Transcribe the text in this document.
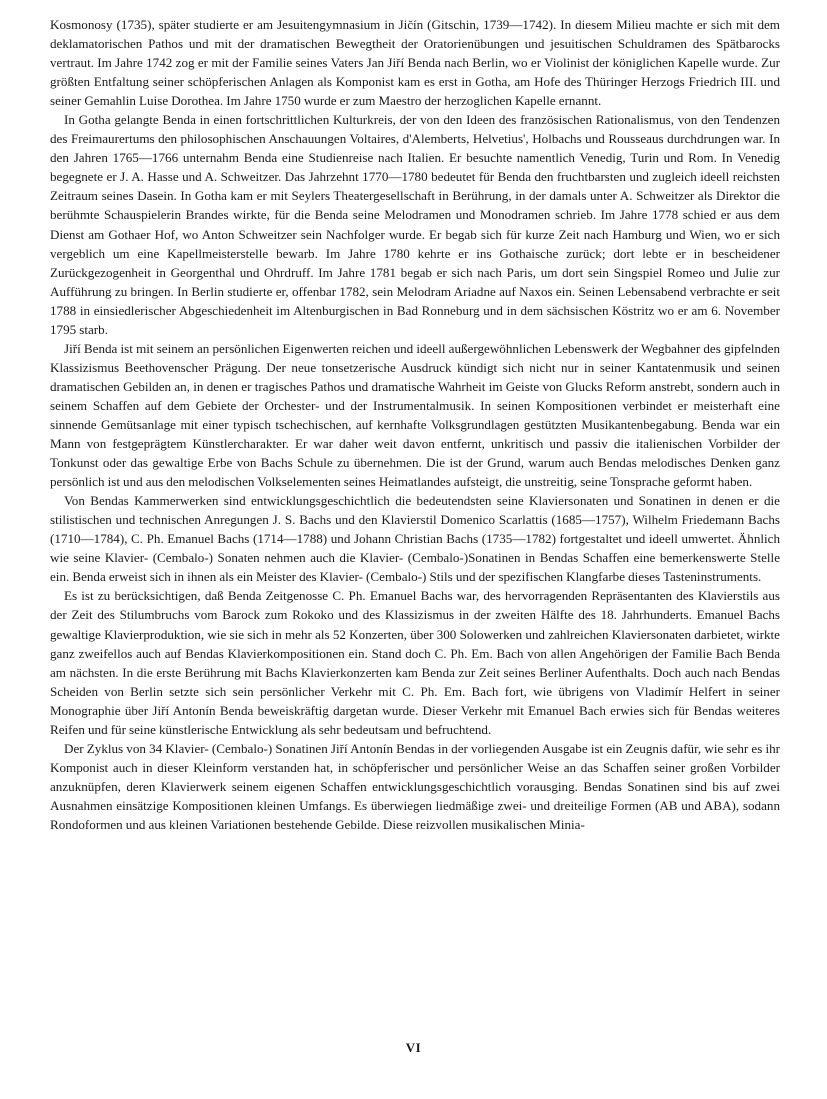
Kosmonosy (1735), später studierte er am Jesuitengymnasium in Jičín (Gitschin, 1739—1742). In diesem Milieu machte er sich mit dem deklamatorischen Pathos und mit der dramatischen Bewegtheit der Oratorienübungen und jesuitischen Schuldramen des Spätbarocks vertraut. Im Jahre 1742 zog er mit der Familie seines Vaters Jan Jiří Benda nach Berlin, wo er Violinist der königlichen Kapelle wurde. Zur größten Entfaltung seiner schöpferischen Anlagen als Komponist kam es erst in Gotha, am Hofe des Thüringer Herzogs Friedrich III. und seiner Gemahlin Luise Dorothea. Im Jahre 1750 wurde er zum Maestro der herzoglichen Kapelle ernannt.

In Gotha gelangte Benda in einen fortschrittlichen Kulturkreis, der von den Ideen des französischen Rationalismus, von den Tendenzen des Freimaurertums den philosophischen Anschauungen Voltaires, d'Alemberts, Helvetius', Holbachs und Rousseaus durchdrungen war. In den Jahren 1765—1766 unternahm Benda eine Studienreise nach Italien. Er besuchte namentlich Venedig, Turin und Rom. In Venedig begegnete er J. A. Hasse und A. Schweitzer. Das Jahrzehnt 1770—1780 bedeutet für Benda den fruchtbarsten und zugleich ideell reichsten Zeitraum seines Dasein. In Gotha kam er mit Seylers Theatergesellschaft in Berührung, in der damals unter A. Schweitzer als Direktor die berühmte Schauspielerin Brandes wirkte, für die Benda seine Melodramen und Monodramen schrieb. Im Jahre 1778 schied er aus dem Dienst am Gothaer Hof, wo Anton Schweitzer sein Nachfolger wurde. Er begab sich für kurze Zeit nach Hamburg und Wien, wo er sich vergeblich um eine Kapellmeisterstelle bewarb. Im Jahre 1780 kehrte er ins Gothaische zurück; dort lebte er in bescheidener Zurückgezogenheit in Georgenthal und Ohrdruff. Im Jahre 1781 begab er sich nach Paris, um dort sein Singspiel Romeo und Julie zur Aufführung zu bringen. In Berlin studierte er, offenbar 1782, sein Melodram Ariadne auf Naxos ein. Seinen Lebensabend verbrachte er seit 1788 in einsiedlerischer Abgeschiedenheit im Altenburgischen in Bad Ronneburg und in dem sächsischen Köstritz wo er am 6. November 1795 starb.

Jiří Benda ist mit seinem an persönlichen Eigenwerten reichen und ideell außergewöhnlichen Lebenswerk der Wegbahner des gipfelnden Klassizismus Beethovenscher Prägung. Der neue tonsetzerische Ausdruck kündigt sich nicht nur in seiner Kantatenmusik und seinen dramatischen Gebilden an, in denen er tragisches Pathos und dramatische Wahrheit im Geiste von Glucks Reform anstrebt, sondern auch in seinem Schaffen auf dem Gebiete der Orchester- und der Instrumentalmusik. In seinen Kompositionen verbindet er meisterhaft eine sinnende Gemütsanlage mit einer typisch tschechischen, auf kernhafte Volksgrundlagen gestützten Musikantenbegabung. Benda war ein Mann von festgeprägtem Künstlercharakter. Er war daher weit davon entfernt, unkritisch und passiv die italienischen Vorbilder der Tonkunst oder das gewaltige Erbe von Bachs Schule zu übernehmen. Die ist der Grund, warum auch Bendas melodisches Denken ganz persönlich ist und aus den melodischen Volkselementen seines Heimatlandes aufsteigt, die unstreitig, seine Tonsprache geformt haben.

Von Bendas Kammerwerken sind entwicklungsgeschichtlich die bedeutendsten seine Klaviersonaten und Sonatinen in denen er die stilistischen und technischen Anregungen J. S. Bachs und den Klavierstil Domenico Scarlattis (1685—1757), Wilhelm Friedemann Bachs (1710—1784), C. Ph. Emanuel Bachs (1714—1788) und Johann Christian Bachs (1735—1782) fortgestaltet und ideell umwertet. Ähnlich wie seine Klavier- (Cembalo-) Sonaten nehmen auch die Klavier- (Cembalo-)Sonatinen in Bendas Schaffen eine bemerkenswerte Stelle ein. Benda erweist sich in ihnen als ein Meister des Klavier- (Cembalo-) Stils und der spezifischen Klangfarbe dieses Tasteninstruments.

Es ist zu berücksichtigen, daß Benda Zeitgenosse C. Ph. Emanuel Bachs war, des hervorragenden Repräsentanten des Klavierstils aus der Zeit des Stilumbruchs vom Barock zum Rokoko und des Klassizismus in der zweiten Hälfte des 18. Jahrhunderts. Emanuel Bachs gewaltige Klavierproduktion, wie sie sich in mehr als 52 Konzerten, über 300 Solowerken und zahlreichen Klaviersonaten darbietet, wirkte ganz zweifellos auch auf Bendas Klavierkompositionen ein. Stand doch C. Ph. Em. Bach von allen Angehörigen der Familie Bach Benda am nächsten. In die erste Berührung mit Bachs Klavierkonzerten kam Benda zur Zeit seines Berliner Aufenthalts. Doch auch nach Bendas Scheiden von Berlin setzte sich sein persönlicher Verkehr mit C. Ph. Em. Bach fort, wie übrigens von Vladimír Helfert in seiner Monographie über Jiří Antonín Benda beweiskräftig dargetan wurde. Dieser Verkehr mit Emanuel Bach erwies sich für Bendas weiteres Reifen und für seine künstlerische Entwicklung als sehr bedeutsam und befruchtend.

Der Zyklus von 34 Klavier- (Cembalo-) Sonatinen Jiří Antonín Bendas in der vorliegenden Ausgabe ist ein Zeugnis dafür, wie sehr es ihr Komponist auch in dieser Kleinform verstanden hat, in schöpferischer und persönlicher Weise an das Schaffen seiner großen Vorbilder anzuknüpfen, deren Klavierwerk seinem eigenen Schaffen entwicklungsgeschichtlich vorausging. Bendas Sonatinen sind bis auf zwei Ausnahmen einsätzige Kompositionen kleinen Umfangs. Es überwiegen liedmäßige zwei- und dreiteilige Formen (AB und ABA), sodann Rondoformen und aus kleinen Variationen bestehende Gebilde. Diese reizvollen musikalischen Minia-

VI
